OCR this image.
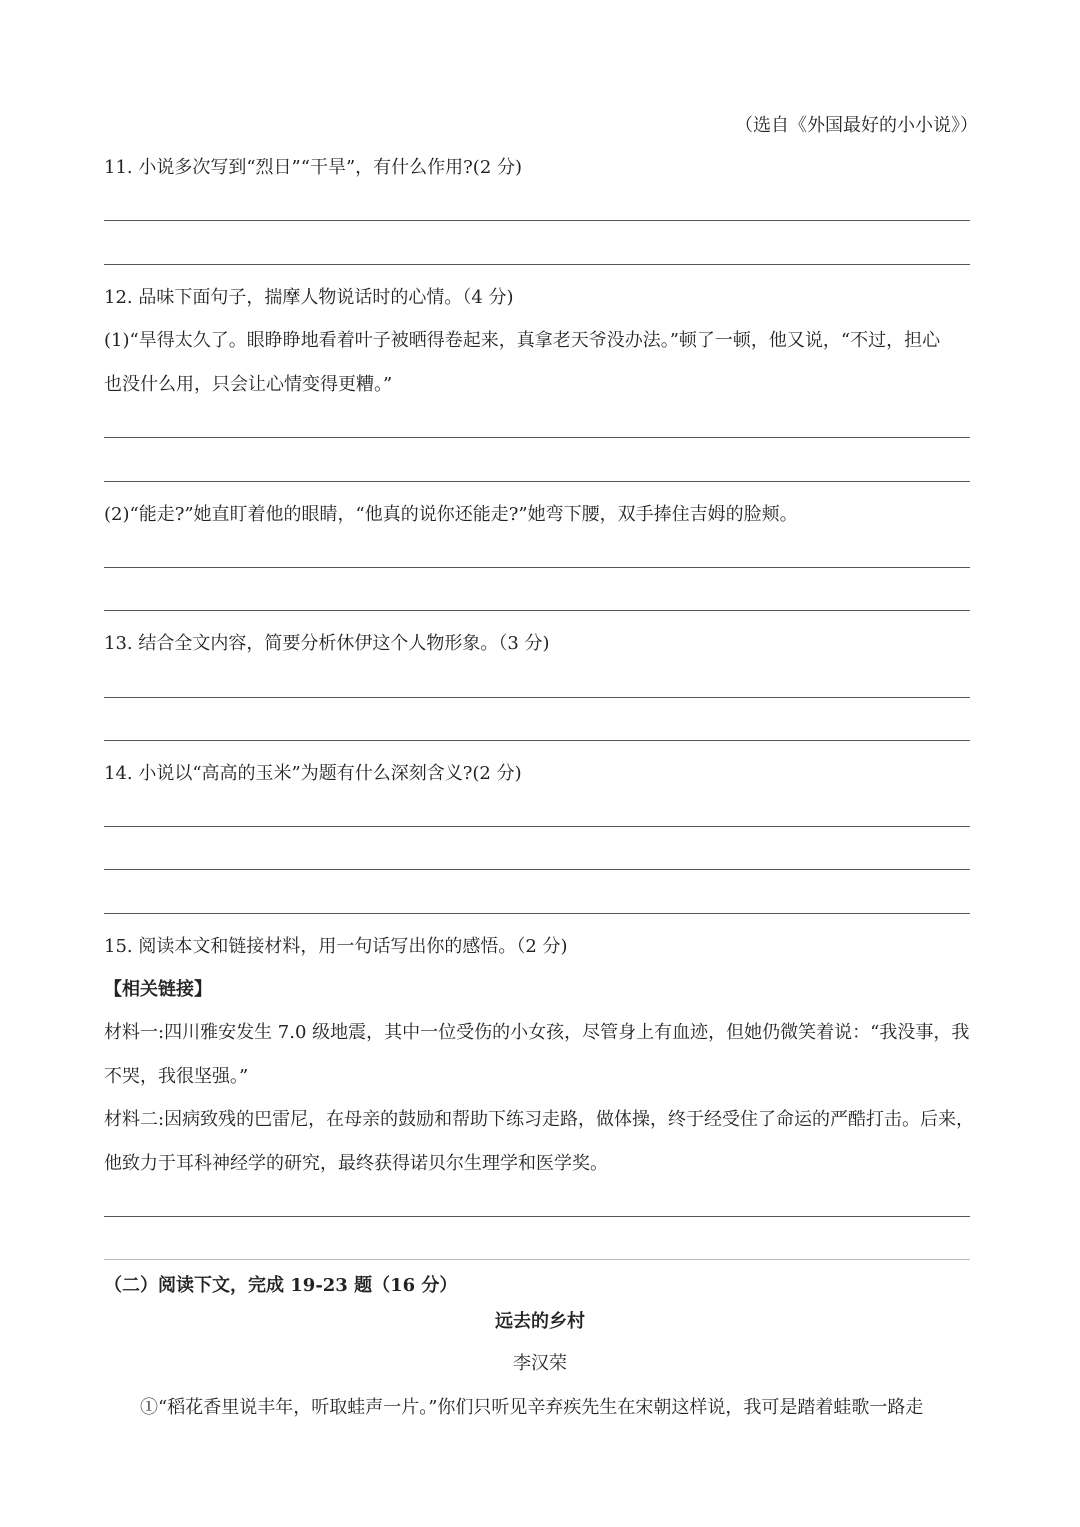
（选自《外国最好的小小说》）
11. 小说多次写到“烈日”“干旱”，有什么作用?(2 分)
12. 品味下面句子，揣摩人物说话时的心情。（4 分)
(1)“旱得太久了。眼睁睁地看着叶子被晒得卷起来，真拿老天爷没办法。”顿了一顿，他又说，“不过，担心
也没什么用，只会让心情变得更糟。”
(2)“能走?”她直盯着他的眼睛，“他真的说你还能走?”她弯下腰，双手捧住吉姆的脸颊。
13. 结合全文内容，简要分析休伊这个人物形象。（3 分)
14. 小说以“高高的玉米”为题有什么深刻含义?(2 分)
15. 阅读本文和链接材料，用一句话写出你的感悟。（2 分)
【相关链接】
材料一:四川雅安发生 7.0 级地震，其中一位受伤的小女孩，尽管身上有血迹，但她仍微笑着说：“我没事，我
不哭，我很坚强。”
材料二:因病致残的巴雷尼，在母亲的鼓励和帮助下练习走路，做体操，终于经受住了命运的严酷打击。后来，
他致力于耳科神经学的研究，最终获得诺贝尔生理学和医学奖。
（二）阅读下文，完成 19-23 题（16 分）
远去的乡村
李汉荣
①“稻花香里说丰年，听取蛙声一片。”你们只听见辛弃疾先生在宋朝这样说，我可是踏着蛙歌一路走
